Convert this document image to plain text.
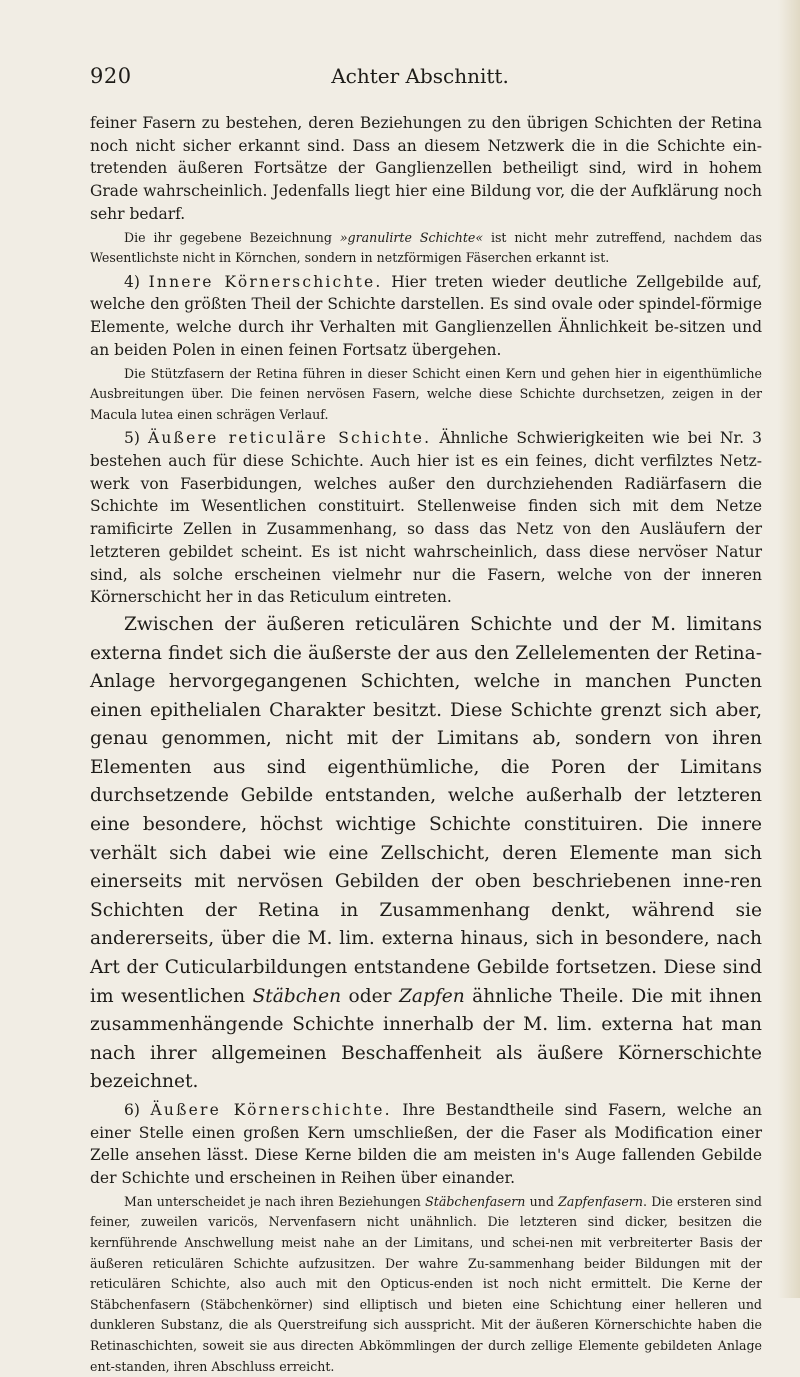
920	Achter Abschnitt.

feiner Fasern zu bestehen, deren Beziehungen zu den übrigen Schichten der Retina noch nicht sicher erkannt sind. Dass an diesem Netzwerk die in die Schichte ein-tretenden äußeren Fortsätze der Ganglienzellen betheiligt sind, wird in hohem Grade wahrscheinlich. Jedenfalls liegt hier eine Bildung vor, die der Aufklärung noch sehr bedarf.

Die ihr gegebene Bezeichnung »granulirte Schichte« ist nicht mehr zutreffend, nachdem das Wesentlichste nicht in Körnchen, sondern in netzförmigen Fäserchen erkannt ist.

4) Innere Körnerschichte. Hier treten wieder deutliche Zellgebilde auf, welche den größten Theil der Schichte darstellen. Es sind ovale oder spindel-förmige Elemente, welche durch ihr Verhalten mit Ganglienzellen Ähnlichkeit be-sitzen und an beiden Polen in einen feinen Fortsatz übergehen.

Die Stützfasern der Retina führen in dieser Schicht einen Kern und gehen hier in eigenthümliche Ausbreitungen über. Die feinen nervösen Fasern, welche diese Schichte durchsetzen, zeigen in der Macula lutea einen schrägen Verlauf.

5) Äußere reticuläre Schichte. Ähnliche Schwierigkeiten wie bei Nr. 3 bestehen auch für diese Schichte. Auch hier ist es ein feines, dicht verfilztes Netz-werk von Faserbidungen, welches außer den durchziehenden Radiärfasern die Schichte im Wesentlichen constituirt. Stellenweise finden sich mit dem Netze ramificirte Zellen in Zusammenhang, so dass das Netz von den Ausläufern der letzteren gebildet scheint. Es ist nicht wahrscheinlich, dass diese nervöser Natur sind, als solche erscheinen vielmehr nur die Fasern, welche von der inneren Körnerschicht her in das Reticulum eintreten.

Zwischen der äußeren reticulären Schichte und der M. limitans externa findet sich die äußerste der aus den Zellelementen der Retina-Anlage hervorgegangenen Schichten, welche in manchen Puncten einen epithelialen Charakter besitzt. Diese Schichte grenzt sich aber, genau genommen, nicht mit der Limitans ab, sondern von ihren Elementen aus sind eigenthümliche, die Poren der Limitans durchsetzende Gebilde entstanden, welche außerhalb der letzteren eine besondere, höchst wichtige Schichte constituiren. Die innere verhält sich dabei wie eine Zellschicht, deren Elemente man sich einerseits mit nervösen Gebilden der oben beschriebenen inne-ren Schichten der Retina in Zusammenhang denkt, während sie andererseits, über die M. lim. externa hinaus, sich in besondere, nach Art der Cuticularbildungen entstandene Gebilde fortsetzen. Diese sind im wesentlichen Stäbchen oder Zapfen ähnliche Theile. Die mit ihnen zusammenhängende Schichte innerhalb der M. lim. externa hat man nach ihrer allgemeinen Beschaffenheit als äußere Körnerschichte bezeichnet.

6) Äußere Körnerschichte. Ihre Bestandtheile sind Fasern, welche an einer Stelle einen großen Kern umschließen, der die Faser als Modification einer Zelle ansehen lässt. Diese Kerne bilden die am meisten in's Auge fallenden Gebilde der Schichte und erscheinen in Reihen über einander.

Man unterscheidet je nach ihren Beziehungen Stäbchenfasern und Zapfenfasern. Die ersteren sind feiner, zuweilen varicös, Nervenfasern nicht unähnlich. Die letzteren sind dicker, besitzen die kernführende Anschwellung meist nahe an der Limitans, und schei-nen mit verbreiterter Basis der äußeren reticulären Schichte aufzusitzen. Der wahre Zu-sammenhang beider Bildungen mit der reticulären Schichte, also auch mit den Opticus-enden ist noch nicht ermittelt. Die Kerne der Stäbchenfasern (Stäbchenkörner) sind elliptisch und bieten eine Schichtung einer helleren und dunkleren Substanz, die als Querstreifung sich ausspricht. Mit der äußeren Körnerschichte haben die Retinaschichten, soweit sie aus directen Abkömmlingen der durch zellige Elemente gebildeten Anlage ent-standen, ihren Abschluss erreicht.
